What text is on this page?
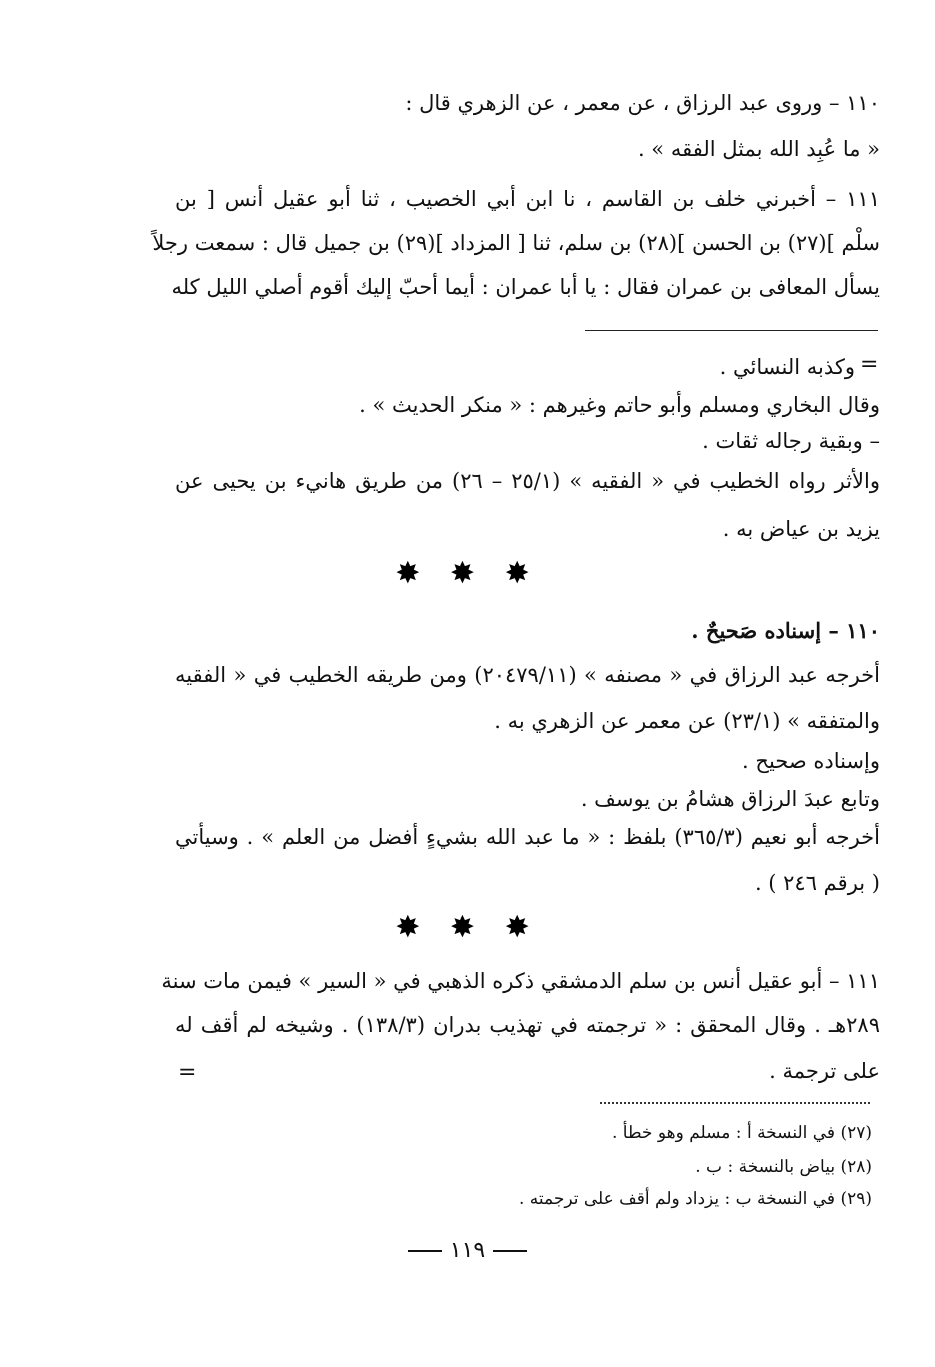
١١٠ – وروى عبد الرزاق ، عن معمر ، عن الزهري قال :
« ما عُبِد الله بمثل الفقه » .
١١١ – أخبرني خلف بن القاسم ، نا ابن أبي الخصيب ، ثنا أبو عقيل أنس [ بن
سلْم ](٢٧) بن الحسن ](٢٨) بن سلم، ثنا [ المزداد ](٢٩) بن جميل قال : سمعت رجلاً
يسأل المعافى بن عمران فقال : يا أبا عمران : أيما أحبّ إليك أقوم أصلي الليل كله
=
وكذبه النسائي .
وقال البخاري ومسلم وأبو حاتم وغيرهم : « منكر الحديث » .
– وبقية رجاله ثقات .
والأثر رواه الخطيب في « الفقيه » (٢٥/١ – ٢٦) من طريق هانيء بن يحيى عن
يزيد بن عياض به .
✸ ✸ ✸
١١٠ – إسناده صَحيحٌ .
أخرجه عبد الرزاق في « مصنفه » (٢٠٤٧٩/١١) ومن طريقه الخطيب في « الفقيه
والمتفقه » (٢٣/١) عن معمر عن الزهري به .
وإسناده صحيح .
وتابع عبدَ الرزاق هشامُ بن يوسف .
أخرجه أبو نعيم (٣٦٥/٣) بلفظ : « ما عبد الله بشيءٍ أفضل من العلم » . وسيأتي
( برقم ٢٤٦ ) .
✸ ✸ ✸
١١١ – أبو عقيل أنس بن سلم الدمشقي ذكره الذهبي في « السير » فيمن مات سنة
٢٨٩هـ . وقال المحقق : « ترجمته في تهذيب بدران (١٣٨/٣) . وشيخه لم أقف له
على ترجمة .
=
(٢٧) في النسخة أ : مسلم وهو خطأ .
(٢٨) بياض بالنسخة : ب .
(٢٩) في النسخة ب : يزداد ولم أقف على ترجمته .
١١٩
